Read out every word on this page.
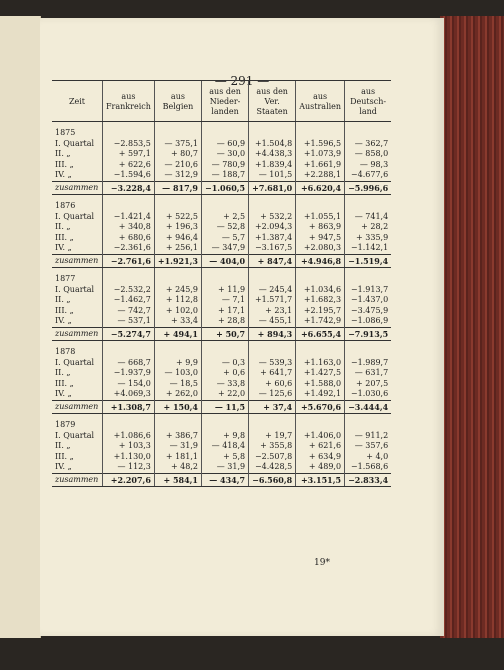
— 291 —
19*
Zeit	aus Frankreich	aus Belgien	aus den Nieder-landen	aus den Ver. Staaten	aus Australien	aus Deutsch-land
1875						
I. Quartal	−2.853,5	— 375,1	— 60,9	+1.504,8	+1.596,5	— 362,7
II. „	+ 597,1	+ 80,7	— 30,0	+4.438,3	+1.073,9	— 858,0
III. „	+ 622,6	— 210,6	— 780,9	+1.839,4	+1.661,9	— 98,3
IV. „	−1.594,6	— 312,9	— 188,7	— 101,5	+2.288,1	−4.677,6
zusammen	−3.228,4	— 817,9	−1.060,5	+7.681,0	+6.620,4	−5.996,6
1876						
I. Quartal	−1.421,4	+ 522,5	+ 2,5	+ 532,2	+1.055,1	— 741,4
II. „	+ 340,8	+ 196,3	— 52,8	+2.094,3	+ 863,9	+ 28,2
III. „	+ 680,6	+ 946,4	— 5,7	+1.387,4	+ 947,5	+ 335,9
IV. „	−2.361,6	+ 256,1	— 347,9	−3.167,5	+2.080,3	−1.142,1
zusammen	−2.761,6	+1.921,3	— 404,0	+ 847,4	+4.946,8	−1.519,4
1877						
I. Quartal	−2.532,2	+ 245,9	+ 11,9	— 245,4	+1.034,6	−1.913,7
II. „	−1.462,7	+ 112,8	— 7,1	+1.571,7	+1.682,3	−1.437,0
III. „	— 742,7	+ 102,0	+ 17,1	+ 23,1	+2.195,7	−3.475,9
IV. „	— 537,1	+ 33,4	+ 28,8	— 455,1	+1.742,9	−1.086,9
zusammen	−5.274,7	+ 494,1	+ 50,7	+ 894,3	+6.655,4	−7.913,5
1878						
I. Quartal	— 668,7	+ 9,9	— 0,3	— 539,3	+1.163,0	−1.989,7
II. „	−1.937,9	— 103,0	+ 0,6	+ 641,7	+1.427,5	— 631,7
III. „	— 154,0	— 18,5	— 33,8	+ 60,6	+1.588,0	+ 207,5
IV. „	+4.069,3	+ 262,0	+ 22,0	— 125,6	+1.492,1	−1.030,6
zusammen	+1.308,7	+ 150,4	— 11,5	+ 37,4	+5.670,6	−3.444,4
1879						
I. Quartal	+1.086,6	+ 386,7	+ 9,8	+ 19,7	+1.406,0	— 911,2
II. „	+ 103,3	— 31,9	— 418,4	+ 355,8	+ 621,6	— 357,6
III. „	+1.130,0	+ 181,1	+ 5,8	−2.507,8	+ 634,9	+ 4,0
IV. „	— 112,3	+ 48,2	— 31,9	−4.428,5	+ 489,0	−1.568,6
zusammen	+2.207,6	+ 584,1	— 434,7	−6.560,8	+3.151,5	−2.833,4
